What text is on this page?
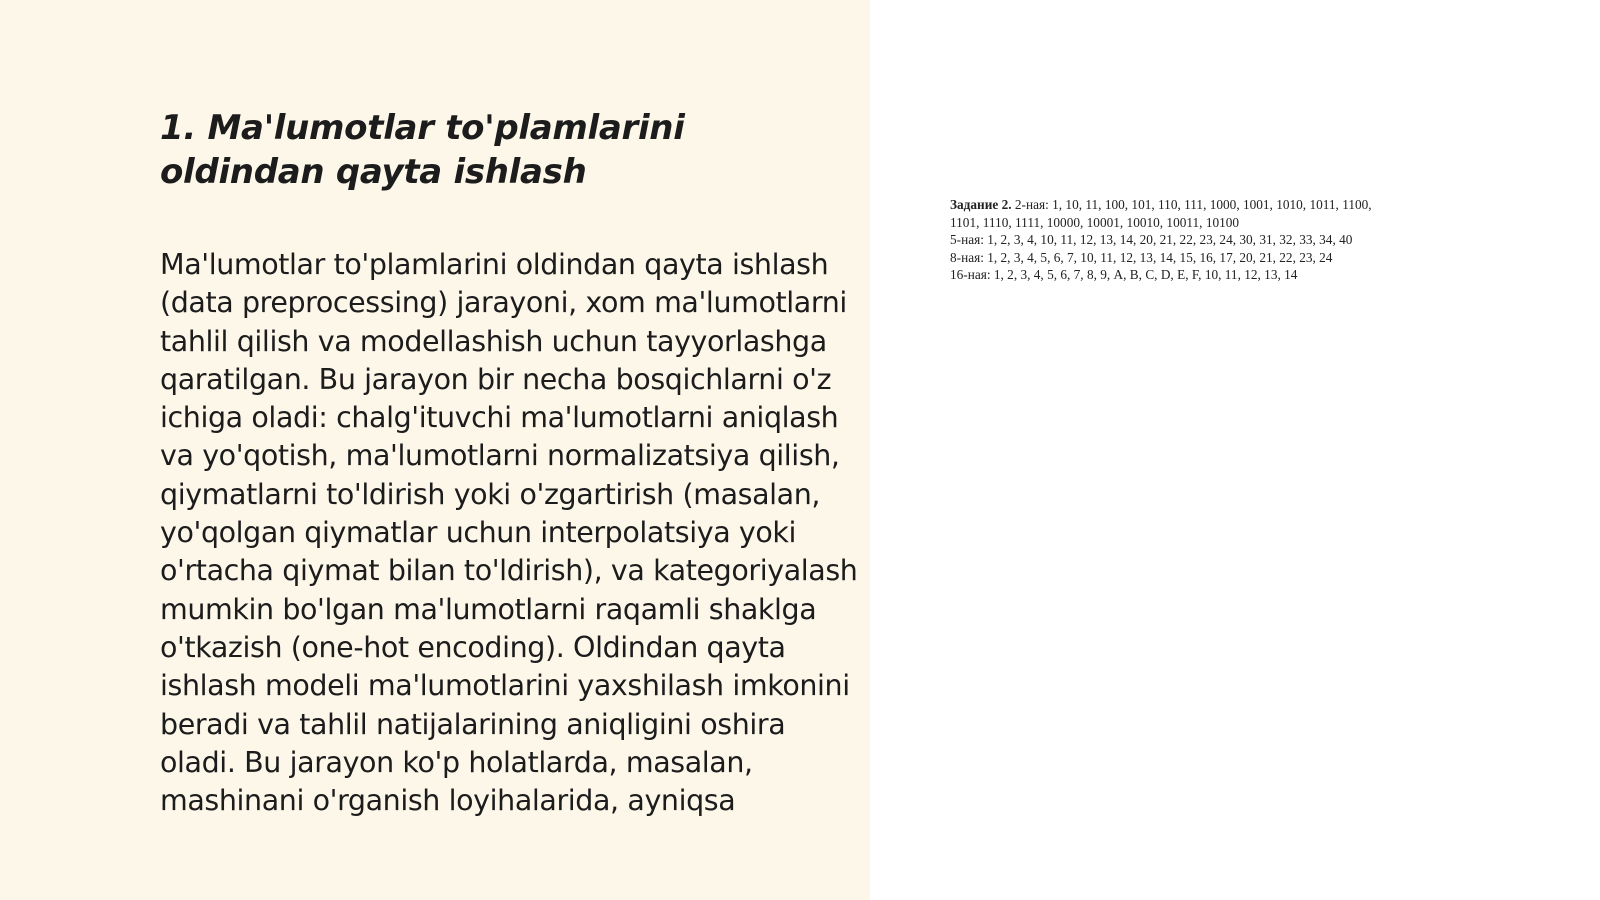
1. Ma'lumotlar to'plamlarini oldindan qayta ishlash

Ma'lumotlar to'plamlarini oldindan qayta ishlash (data preprocessing) jarayoni, xom ma'lumotlarni tahlil qilish va modellashish uchun tayyorlashga qaratilgan. Bu jarayon bir necha bosqichlarni o'z ichiga oladi: chalg'ituvchi ma'lumotlarni aniqlash va yo'qotish, ma'lumotlarni normalizatsiya qilish, qiymatlarni to'ldirish yoki o'zgartirish (masalan, yo'qolgan qiymatlar uchun interpolatsiya yoki o'rtacha qiymat bilan to'ldirish), va kategoriyalash mumkin bo'lgan ma'lumotlarni raqamli shaklga o'tkazish (one-hot encoding). Oldindan qayta ishlash modeli ma'lumotlarini yaxshilash imkonini beradi va tahlil natijalarining aniqligini oshira oladi. Bu jarayon ko'p holatlarda, masalan, mashinani o'rganish loyihalarida, ayniqsa

Задание 2. 2-ная: 1, 10, 11, 100, 101, 110, 111, 1000, 1001, 1010, 1011, 1100,
1101, 1110, 1111, 10000, 10001, 10010, 10011, 10100
5-ная: 1, 2, 3, 4, 10, 11, 12, 13, 14, 20, 21, 22, 23, 24, 30, 31, 32, 33, 34, 40
8-ная: 1, 2, 3, 4, 5, 6, 7, 10, 11, 12, 13, 14, 15, 16, 17, 20, 21, 22, 23, 24
16-ная: 1, 2, 3, 4, 5, 6, 7, 8, 9, A, B, C, D, E, F, 10, 11, 12, 13, 14
